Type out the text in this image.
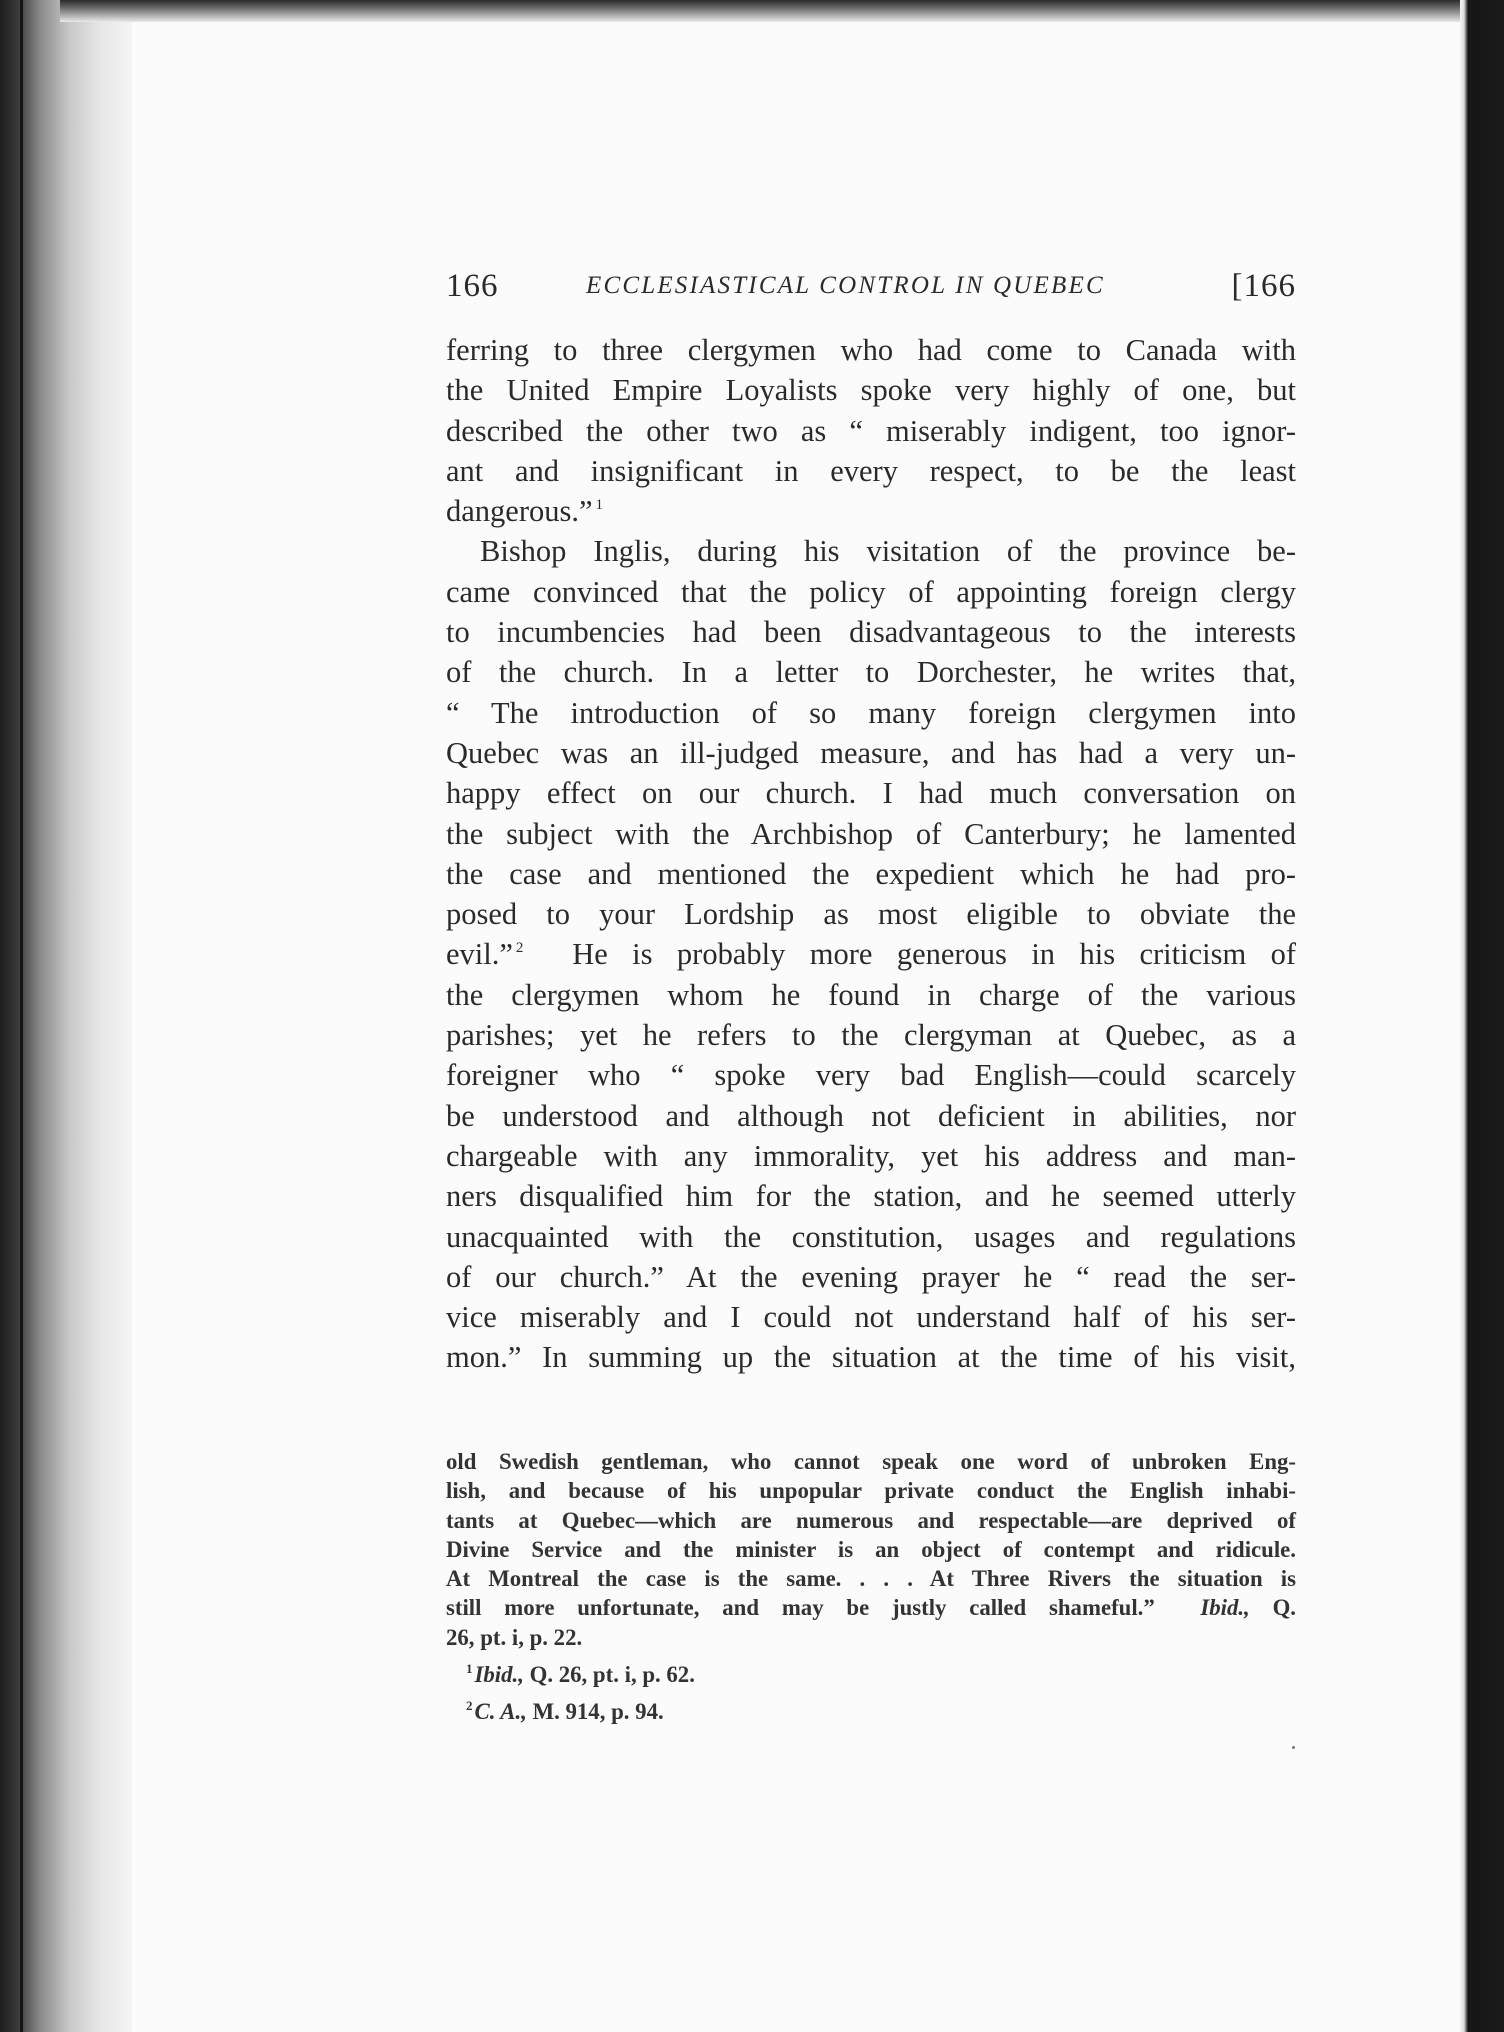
166	ECCLESIASTICAL CONTROL IN QUEBEC	[166
ferring to three clergymen who had come to Canada with
the United Empire Loyalists spoke very highly of one, but
described the other two as “ miserably indigent, too ignor-
ant and insignificant in every respect, to be the least
dangerous.” $^1$
Bishop Inglis, during his visitation of the province be-
came convinced that the policy of appointing foreign clergy
to incumbencies had been disadvantageous to the interests
of the church. In a letter to Dorchester, he writes that,
“ The introduction of so many foreign clergymen into
Quebec was an ill-judged measure, and has had a very un-
happy effect on our church. I had much conversation on
the subject with the Archbishop of Canterbury; he lamented
the case and mentioned the expedient which he had pro-
posed to your Lordship as most eligible to obviate the
evil.” $^2$ He is probably more generous in his criticism of
the clergymen whom he found in charge of the various
parishes; yet he refers to the clergyman at Quebec, as a
foreigner who “ spoke very bad English—could scarcely
be understood and although not deficient in abilities, nor
chargeable with any immorality, yet his address and man-
ners disqualified him for the station, and he seemed utterly
unacquainted with the constitution, usages and regulations
of our church.” At the evening prayer he “ read the ser-
vice miserably and I could not understand half of his ser-
mon.” In summing up the situation at the time of his visit,
old Swedish gentleman, who cannot speak one word of unbroken Eng-
lish, and because of his unpopular private conduct the English inhabi-
tants at Quebec—which are numerous and respectable—are deprived of
Divine Service and the minister is an object of contempt and ridicule.
At Montreal the case is the same. . . . At Three Rivers the situation is
still more unfortunate, and may be justly called shameful.” Ibid., Q.
26, pt. i, p. 22.
$^1$Ibid., Q. 26, pt. i, p. 62.
$^2$C. A., M. 914, p. 94.
